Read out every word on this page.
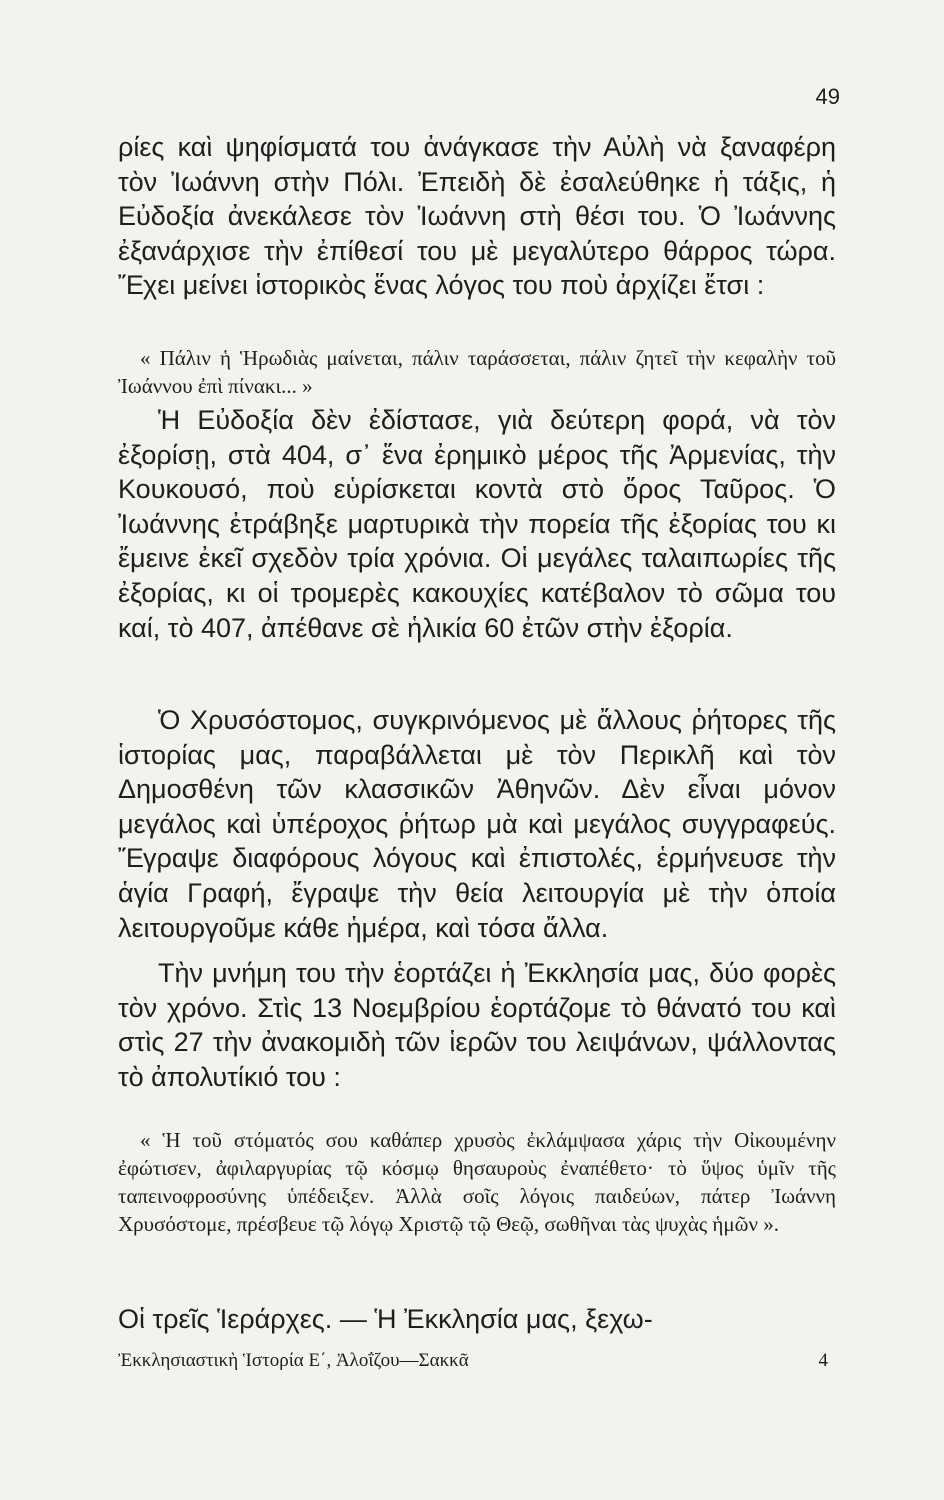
49

ρίες καὶ ψηφίσματά του ἀνάγκασε τὴν Αὐλὴ νὰ ξαναφέρη τὸν Ἰωάννη στὴν Πόλι. Ἐπειδὴ δὲ ἐσαλεύθηκε ἡ τάξις, ἡ Εὐδοξία ἀνεκάλεσε τὸν Ἰωάννη στὴ θέσι του. Ὁ Ἰωάννης ἐξανάρχισε τὴν ἐπίθεσί του μὲ μεγαλύτερο θάρρος τώρα. Ἔχει μείνει ἱστορικὸς ἕνας λόγος του ποὺ ἀρχίζει ἔτσι :

« Πάλιν ἡ Ἡρωδιὰς μαίνεται, πάλιν ταράσσεται, πάλιν ζητεῖ τὴν κεφαλὴν τοῦ Ἰωάννου ἐπὶ πίνακι... »

Ἡ Εὐδοξία δὲν ἐδίστασε, γιὰ δεύτερη φορά, νὰ τὸν ἐξορίσῃ, στὰ 404, σ᾽ ἕνα ἐρημικὸ μέρος τῆς Ἀρμενίας, τὴν Κουκουσό, ποὺ εὑρίσκεται κοντὰ στὸ ὄρος Ταῦρος. Ὁ Ἰωάννης ἐτράβηξε μαρτυρικὰ τὴν πορεία τῆς ἐξορίας του κι ἔμεινε ἐκεῖ σχεδὸν τρία χρόνια. Οἱ μεγάλες ταλαιπωρίες τῆς ἐξορίας, κι οἱ τρομερὲς κακουχίες κατέβαλον τὸ σῶμα του καί, τὸ 407, ἀπέθανε σὲ ἡλικία 60 ἐτῶν στὴν ἐξορία.

Ὁ Χρυσόστομος, συγκρινόμενος μὲ ἄλλους ῥήτορες τῆς ἱστορίας μας, παραβάλλεται μὲ τὸν Περικλῆ καὶ τὸν Δημοσθένη τῶν κλασσικῶν Ἀθηνῶν. Δὲν εἶναι μόνον μεγάλος καὶ ὑπέροχος ῥήτωρ μὰ καὶ μεγάλος συγγραφεύς. Ἔγραψε διαφόρους λόγους καὶ ἐπιστολές, ἑρμήνευσε τὴν ἁγία Γραφή, ἔγραψε τὴν θεία λειτουργία μὲ τὴν ὁποία λειτουργοῦμε κάθε ἡμέρα, καὶ τόσα ἄλλα.

Τὴν μνήμη του τὴν ἑορτάζει ἡ Ἐκκλησία μας, δύο φορὲς τὸν χρόνο. Στὶς 13 Νοεμβρίου ἑορτάζομε τὸ θάνατό του καὶ στὶς 27 τὴν ἀνακομιδὴ τῶν ἱερῶν του λειψάνων, ψάλλοντας τὸ ἀπολυτίκιό του :

« Ἡ τοῦ στόματός σου καθάπερ χρυσὸς ἐκλάμψασα χάρις τὴν Οἰκουμένην ἐφώτισεν, ἀφιλαργυρίας τῷ κόσμῳ θησαυροὺς ἐναπέθετο· τὸ ὕψος ὑμῖν τῆς ταπεινοφροσύνης ὑπέδειξεν. Ἀλλὰ σοῖς λόγοις παιδεύων, πάτερ Ἰωάννη Χρυσόστομε, πρέσβευε τῷ λόγῳ Χριστῷ τῷ Θεῷ, σωθῆναι τὰς ψυχὰς ἡμῶν ».

Οἱ τρεῖς Ἱεράρχες. — Ἡ Ἐκκλησία μας, ξεχω-
Ἐκκλησιαστικὴ Ἱστορία Ε΄, Ἀλοΐζου—Σακκᾶ	4
